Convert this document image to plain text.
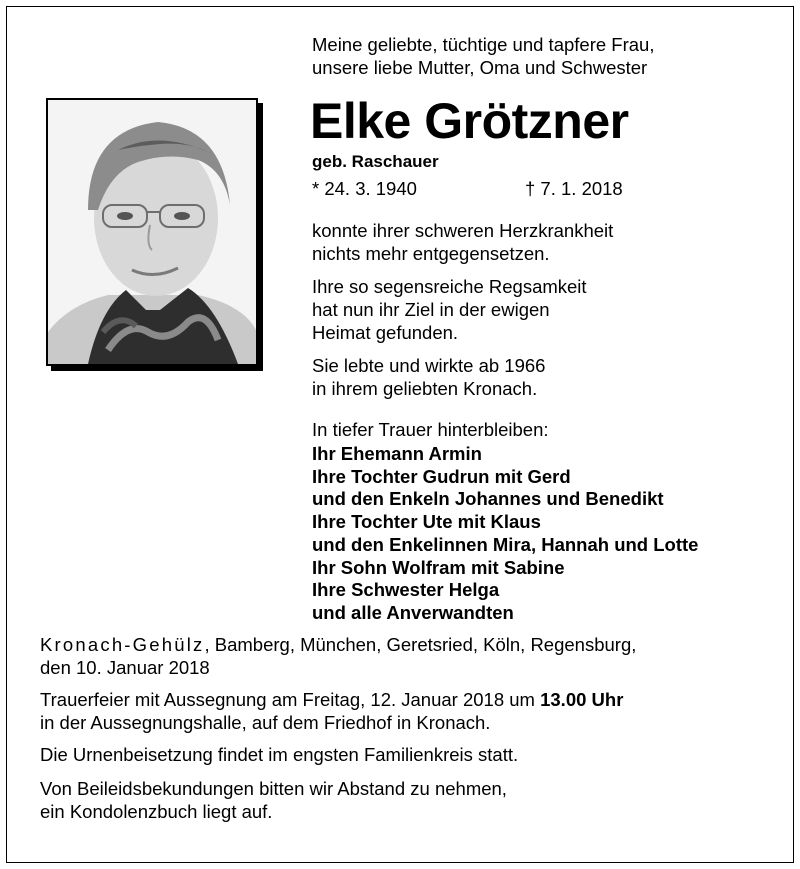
Meine geliebte, tüchtige und tapfere Frau,
unsere liebe Mutter, Oma und Schwester
Elke Grötzner
geb. Raschauer
* 24. 3. 1940	† 7. 1. 2018
konnte ihrer schweren Herzkrankheit
nichts mehr entgegensetzen.
Ihre so segensreiche Regsamkeit
hat nun ihr Ziel in der ewigen
Heimat gefunden.
Sie lebte und wirkte ab 1966
in ihrem geliebten Kronach.
In tiefer Trauer hinterbleiben:
Ihr Ehemann Armin
Ihre Tochter Gudrun mit Gerd
und den Enkeln Johannes und Benedikt
Ihre Tochter Ute mit Klaus
und den Enkelinnen Mira, Hannah und Lotte
Ihr Sohn Wolfram mit Sabine
Ihre Schwester Helga
und alle Anverwandten
Kronach-Gehülz, Bamberg, München, Geretsried, Köln, Regensburg,
den 10. Januar 2018
Trauerfeier mit Aussegnung am Freitag, 12. Januar 2018 um 13.00 Uhr
in der Aussegnungshalle, auf dem Friedhof in Kronach.
Die Urnenbeisetzung findet im engsten Familienkreis statt.
Von Beileidsbekundungen bitten wir Abstand zu nehmen,
ein Kondolenzbuch liegt auf.
